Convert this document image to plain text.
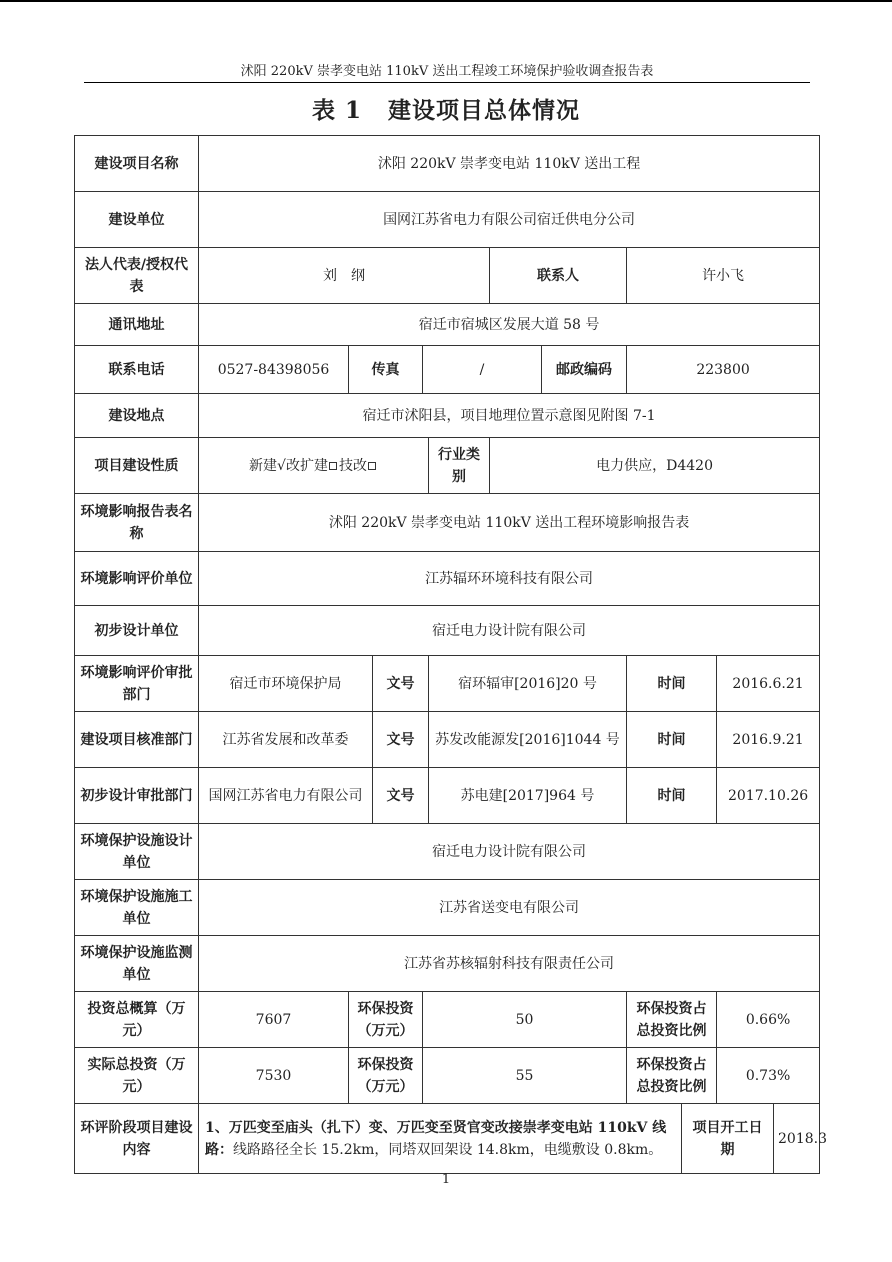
沭阳 220kV 崇孝变电站 110kV 送出工程竣工环境保护验收调查报告表
表 1 建设项目总体情况
建设项目名称	沭阳 220kV 崇孝变电站 110kV 送出工程										
建设单位	国网江苏省电力有限公司宿迁供电分公司										
法人代表/授权代表	刘　纲					联系人		许小飞			
通讯地址	宿迁市宿城区发展大道 58 号										
联系电话	0527-84398056	传真		/			邮政编码	223800			
建设地点	宿迁市沭阳县，项目地理位置示意图见附图 7-1										
项目建设性质	新建√改扩建 技改				行业类别	电力供应，D4420					
环境影响报告表名称	沭阳 220kV 崇孝变电站 110kV 送出工程环境影响报告表										
环境影响评价单位	江苏辐环环境科技有限公司										
初步设计单位	宿迁电力设计院有限公司										
环境影响评价审批部门	宿迁市环境保护局		文号		宿环辐审[2016]20 号			时间		2016.6.21	
建设项目核准部门	江苏省发展和改革委		文号		苏发改能源发[2016]1044 号			时间		2016.9.21	
初步设计审批部门	国网江苏省电力有限公司		文号		苏电建[2017]964 号			时间		2017.10.26	
环境保护设施设计单位	宿迁电力设计院有限公司										
环境保护设施施工单位	江苏省送变电有限公司										
环境保护设施监测单位	江苏省苏核辐射科技有限责任公司										
投资总概算（万元）	7607	环保投资（万元）		50				环保投资占总投资比例		0.66%	
实际总投资（万元）	7530	环保投资（万元）		55				环保投资占总投资比例		0.73%	
环评阶段项目建设内容	1、万匹变至庙头（扎下）变、万匹变至贤官变改接崇孝变电站 110kV 线路：线路路径全长 15.2km，同塔双回架设 14.8km，电缆敷设 0.8km。								项目开工日期		2018.3
1
